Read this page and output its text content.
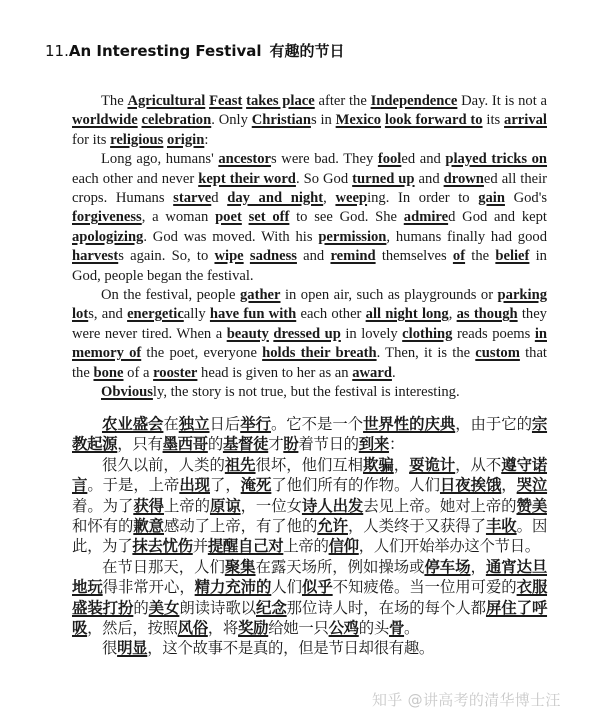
11.An Interesting Festival 有趣的节日

The Agricultural Feast takes place after the Independence Day. It is not a worldwide celebration. Only Christians in Mexico look forward to its arrival for its religious origin:

Long ago, humans' ancestors were bad. They fooled and played tricks on each other and never kept their word. So God turned up and drowned all their crops. Humans starved day and night, weeping. In order to gain God's forgiveness, a woman poet set off to see God. She admired God and kept apologizing. God was moved. With his permission, humans finally had good harvests again. So, to wipe sadness and remind themselves of the belief in God, people began the festival.

On the festival, people gather in open air, such as playgrounds or parking lots, and energetically have fun with each other all night long, as though they were never tired. When a beauty dressed up in lovely clothing reads poems in memory of the poet, everyone holds their breath. Then, it is the custom that the bone of a rooster head is given to her as an award.

Obviously, the story is not true, but the festival is interesting.

农业盛会在独立日后举行。它不是一个世界性的庆典，由于它的宗教起源，只有墨西哥的基督徒才盼着节日的到来：

很久以前，人类的祖先很坏，他们互相欺骗，耍诡计，从不遵守诺言。于是，上帝出现了，淹死了他们所有的作物。人们日夜挨饿，哭泣着。为了获得上帝的原谅，一位女诗人出发去见上帝。她对上帝的赞美和怀有的歉意感动了上帝，有了他的允许，人类终于又获得了丰收。因此，为了抹去忧伤并提醒自己对上帝的信仰，人们开始举办这个节日。

在节日那天，人们聚集在露天场所，例如操场或停车场，通宵达旦地玩得非常开心，精力充沛的人们似乎不知疲倦。当一位用可爱的衣服盛装打扮的美女朗读诗歌以纪念那位诗人时，在场的每个人都屏住了呼吸，然后，按照风俗，将奖励给她一只公鸡的头骨。

很明显，这个故事不是真的，但是节日却很有趣。

知乎 @讲高考的清华博士汪
